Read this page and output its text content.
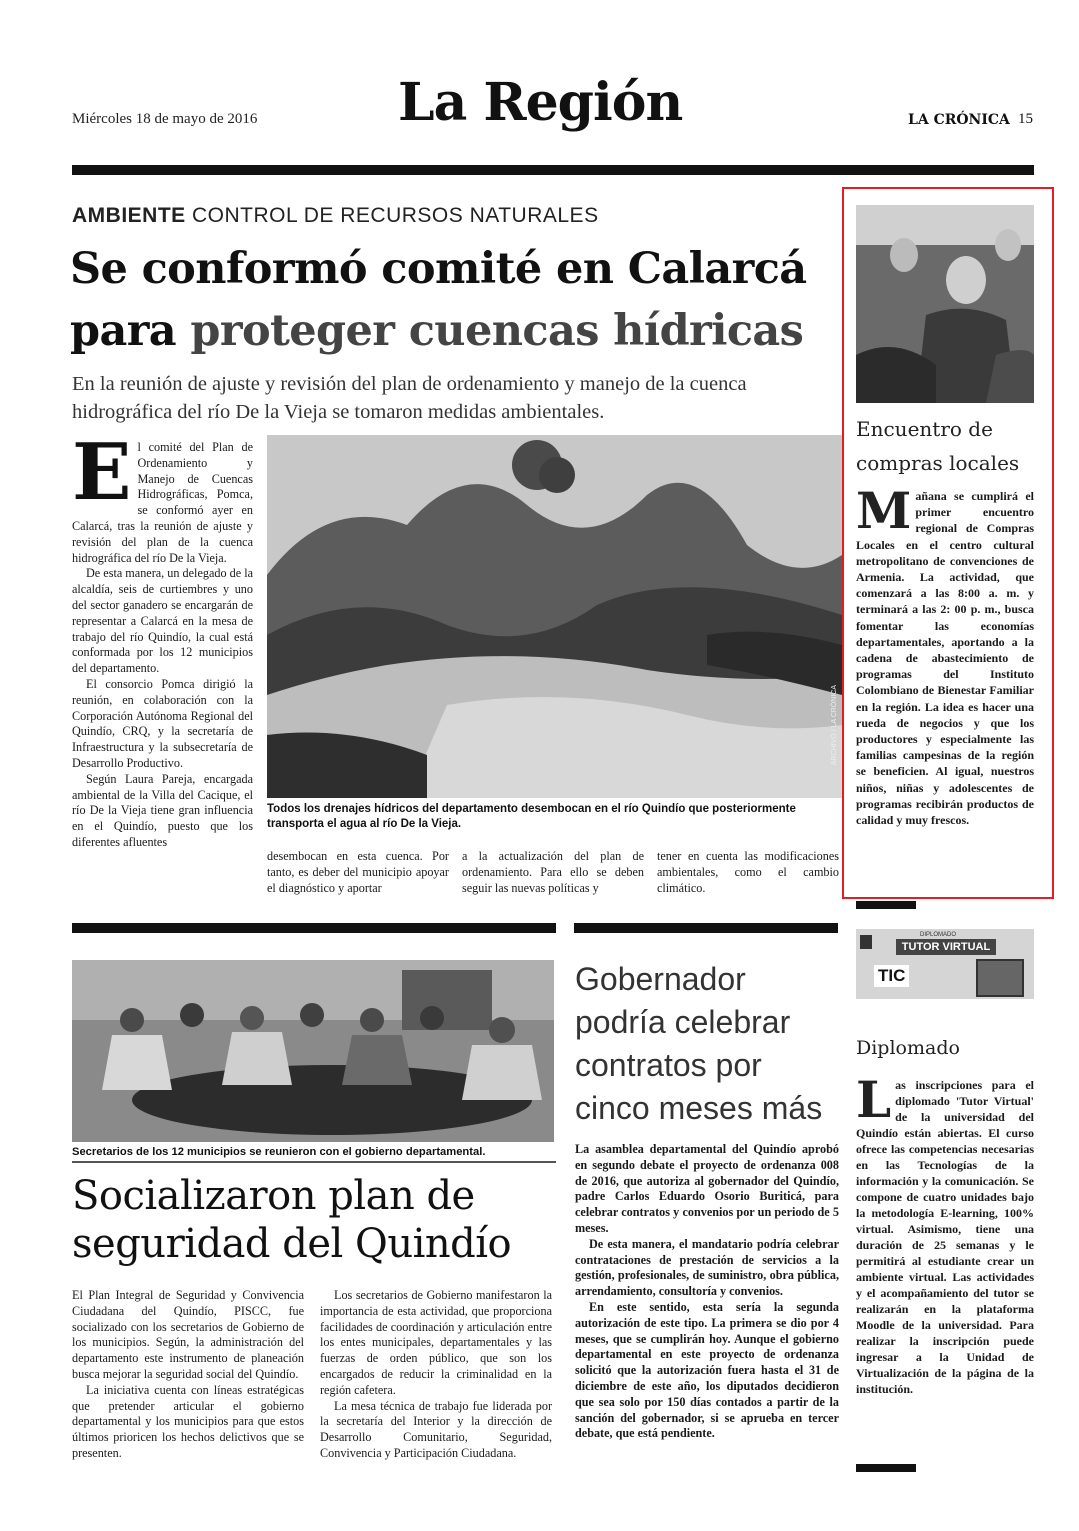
Miércoles 18 de mayo de 2016	La Región	LA CRÓNICA 15
AMBIENTE CONTROL DE RECURSOS NATURALES
Se conformó comité en Calarcá
para proteger cuencas hídricas
En la reunión de ajuste y revisión del plan de ordenamiento y manejo de la cuenca hidrográfica del río De la Vieja se tomaron medidas ambientales.
E l comité del Plan de Ordenamiento y Manejo de Cuencas Hidrográficas, Pomca, se conformó ayer en Calarcá, tras la reunión de ajuste y revisión del plan de la cuenca hidrográfica del río De la Vieja.

De esta manera, un delegado de la alcaldía, seis de curtiembres y uno del sector ganadero se encargarán de representar a Calarcá en la mesa de trabajo del río Quindío, la cual está conformada por los 12 municipios del departamento.

El consorcio Pomca dirigió la reunión, en colaboración con la Corporación Autónoma Regional del Quindío, CRQ, y la secretaría de Infraestructura y la subsecretaría de Desarrollo Productivo.

Según Laura Pareja, encargada ambiental de la Villa del Cacique, el río De la Vieja tiene gran influencia en el Quindío, puesto que los diferentes afluentes

ARCHIVO / LA CRÓNICA
Todos los drenajes hídricos del departamento desembocan en el río Quindío que posteriormente transporta el agua al río De la Vieja.
desembocan en esta cuenca. Por tanto, es deber del municipio apoyar el diagnóstico y aportar
a la actualización del plan de ordenamiento. Para ello se deben seguir las nuevas políticas y
tener en cuenta las modificaciones ambientales, como el cambio climático.
Encuentro de compras locales
M añana se cumplirá el primer encuentro regional de Compras Locales en el centro cultural metropolitano de convenciones de Armenia. La actividad, que comenzará a las 8:00 a. m. y terminará a las 2: 00 p. m., busca fomentar las economías departamentales, aportando a la cadena de abastecimiento de programas del Instituto Colombiano de Bienestar Familiar en la región. La idea es hacer una rueda de negocios y que los productores y especialmente las familias campesinas de la región se beneficien. Al igual, nuestros niños, niñas y adolescentes de programas recibirán productos de calidad y muy frescos.
Secretarios de los 12 municipios se reunieron con el gobierno departamental.
Socializaron plan de seguridad del Quindío

El Plan Integral de Seguridad y Convivencia Ciudadana del Quindío, PISCC, fue socializado con los secretarios de Gobierno de los municipios. Según, la administración del departamento este instrumento de planeación busca mejorar la seguridad social del Quindío.

La iniciativa cuenta con líneas estratégicas que pretender articular el gobierno departamental y los municipios para que estos últimos prioricen los hechos delictivos que se presenten.

Los secretarios de Gobierno manifestaron la importancia de esta actividad, que proporciona facilidades de coordinación y articulación entre los entes municipales, departamentales y las fuerzas de orden público, que son los encargados de reducir la criminalidad en la región cafetera.

La mesa técnica de trabajo fue liderada por la secretaría del Interior y la dirección de Desarrollo Comunitario, Seguridad, Convivencia y Participación Ciudadana.

Gobernador podría celebrar contratos por cinco meses más

La asamblea departamental del Quindío aprobó en segundo debate el proyecto de ordenanza 008 de 2016, que autoriza al gobernador del Quindío, padre Carlos Eduardo Osorio Buriticá, para celebrar contratos y convenios por un periodo de 5 meses.

De esta manera, el mandatario podría celebrar contrataciones de prestación de servicios a la gestión, profesionales, de suministro, obra pública, arrendamiento, consultoría y convenios.

En este sentido, esta sería la segunda autorización de este tipo. La primera se dio por 4 meses, que se cumplirán hoy. Aunque el gobierno departamental en este proyecto de ordenanza solicitó que la autorización fuera hasta el 31 de diciembre de este año, los diputados decidieron que sea solo por 150 días contados a partir de la sanción del gobernador, si se aprueba en tercer debate, que está pendiente.

DIPLOMADO
TUTOR VIRTUAL
TIC
Diplomado
L as inscripciones para el diplomado 'Tutor Virtual' de la universidad del Quindío están abiertas. El curso ofrece las competencias necesarias en las Tecnologías de la información y la comunicación. Se compone de cuatro unidades bajo la metodología E-learning, 100% virtual. Asimismo, tiene una duración de 25 semanas y le permitirá al estudiante crear un ambiente virtual. Las actividades y el acompañamiento del tutor se realizarán en la plataforma Moodle de la universidad. Para realizar la inscripción puede ingresar a la Unidad de Virtualización de la página de la institución.
